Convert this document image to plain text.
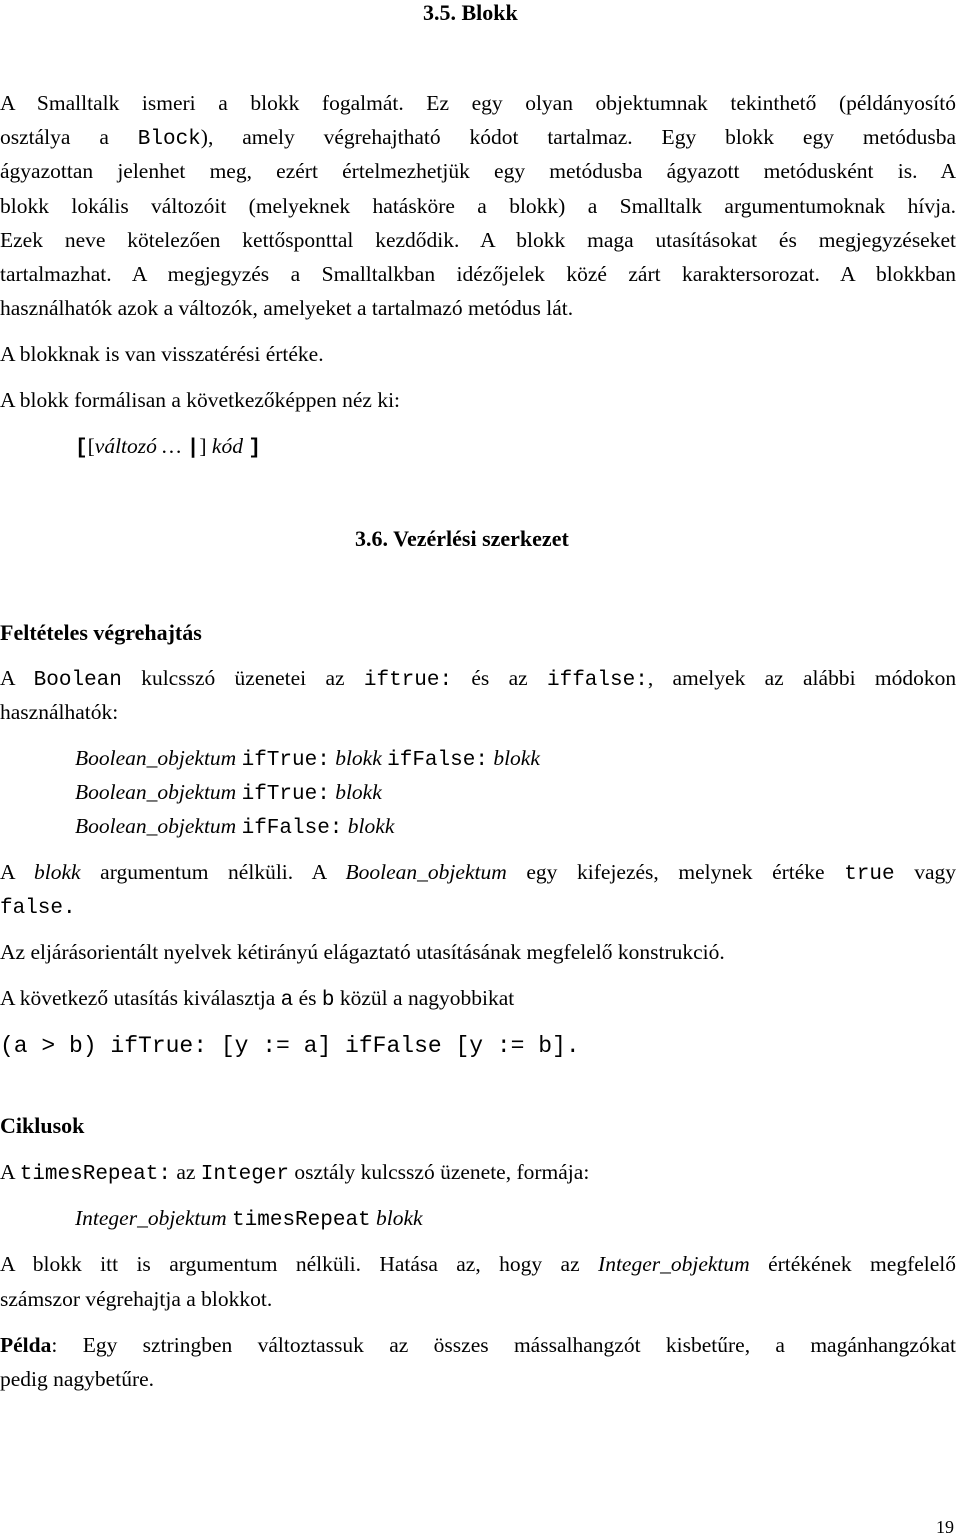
3.5. Blokk
A Smalltalk ismeri a blokk fogalmát. Ez egy olyan objektumnak tekinthető (példányosító
osztálya a Block), amely végrehajtható kódot tartalmaz. Egy blokk egy metódusba
ágyazottan jelenhet meg, ezért értelmezhetjük egy metódusba ágyazott metódusként is. A
blokk lokális változóit (melyeknek hatásköre a blokk) a Smalltalk argumentumoknak hívja.
Ezek neve kötelezően kettősponttal kezdődik. A blokk maga utasításokat és megjegyzéseket
tartalmazhat. A megjegyzés a Smalltalkban idézőjelek közé zárt karaktersorozat. A blokkban
használhatók azok a változók, amelyeket a tartalmazó metódus lát.
A blokknak is van visszatérési értéke.
A blokk formálisan a következőképpen néz ki:
[[változó … |] kód ]
3.6. Vezérlési szerkezet
Feltételes végrehajtás
A Boolean kulcsszó üzenetei az iftrue: és az iffalse:, amelyek az alábbi módokon
használhatók:
Boolean_objektum ifTrue: blokk ifFalse: blokk
Boolean_objektum ifTrue: blokk
Boolean_objektum ifFalse: blokk
A blokk argumentum nélküli. A Boolean_objektum egy kifejezés, melynek értéke true vagy
false.
Az eljárásorientált nyelvek kétirányú elágaztató utasításának megfelelő konstrukció.
A következő utasítás kiválasztja a és b közül a nagyobbikat
(a > b) ifTrue: [y := a] ifFalse [y := b].
Ciklusok
A timesRepeat: az Integer osztály kulcsszó üzenete, formája:
Integer_objektum timesRepeat blokk
A blokk itt is argumentum nélküli. Hatása az, hogy az Integer_objektum értékének megfelelő
számszor végrehajtja a blokkot.
Példa: Egy sztringben változtassuk az összes mássalhangzót kisbetűre, a magánhangzókat
pedig nagybetűre.
19
